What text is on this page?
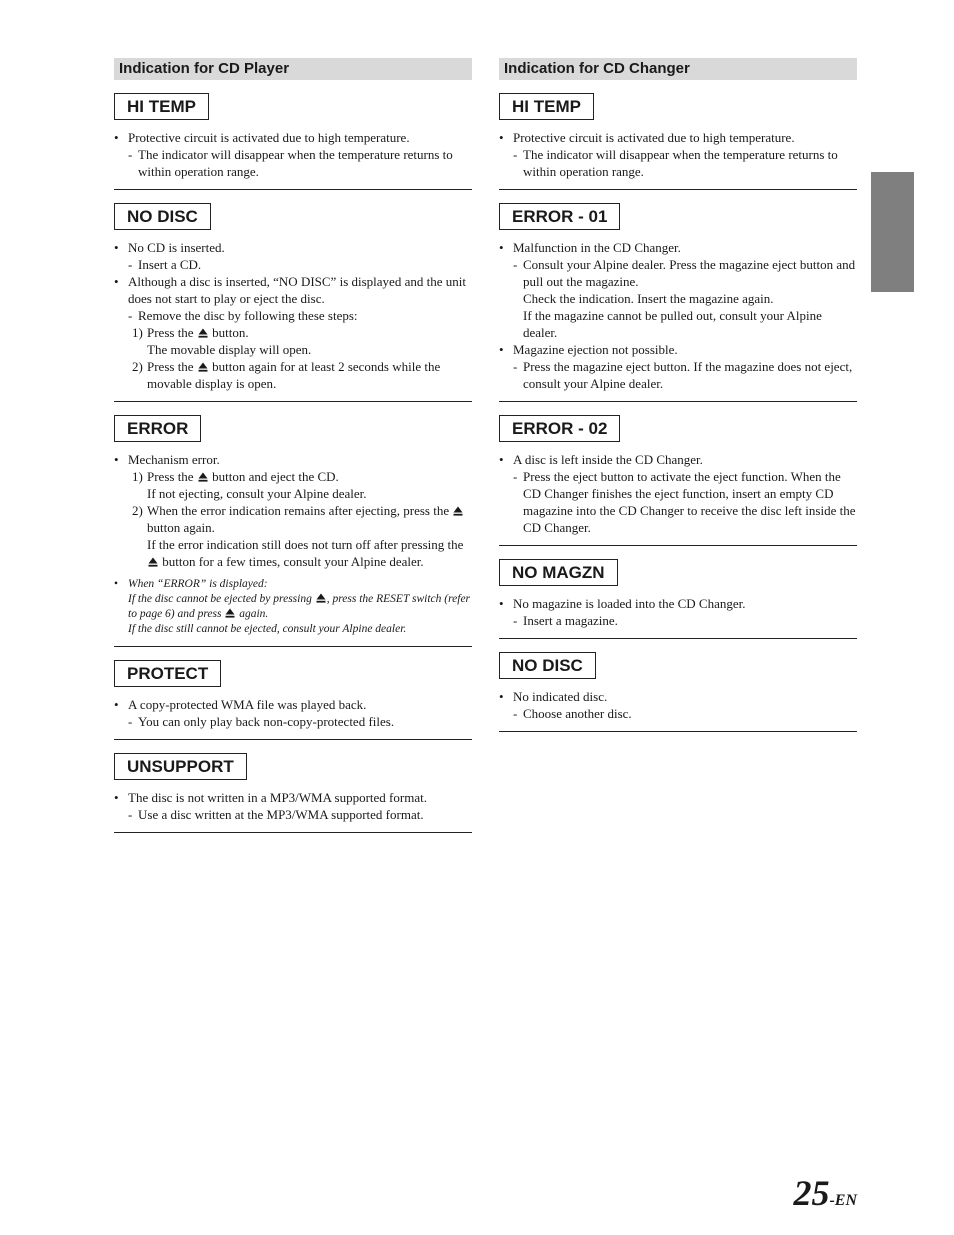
Indication for CD Player
HI TEMP
• Protective circuit is activated due to high temperature.
- The indicator will disappear when the temperature returns to within operation range.
NO DISC
• No CD is inserted.
- Insert a CD.
• Although a disc is inserted, “NO DISC” is displayed and the unit does not start to play or eject the disc.
- Remove the disc by following these steps:
1) Press the button.
The movable display will open.
2) Press the button again for at least 2 seconds while the movable display is open.
ERROR
• Mechanism error.
1) Press the button and eject the CD.
If not ejecting, consult your Alpine dealer.
2) When the error indication remains after ejecting, press the
button again.
If the error indication still does not turn off after pressing the
button for a few times, consult your Alpine dealer.
• When “ERROR” is displayed:
If the disc cannot be ejected by pressing , press the RESET switch (refer to page 6) and press again.
If the disc still cannot be ejected, consult your Alpine dealer.
PROTECT
• A copy-protected WMA file was played back.
- You can only play back non-copy-protected files.
UNSUPPORT
• The disc is not written in a MP3/WMA supported format.
- Use a disc written at the MP3/WMA supported format.
Indication for CD Changer
HI TEMP
• Protective circuit is activated due to high temperature.
- The indicator will disappear when the temperature returns to within operation range.
ERROR - 01
• Malfunction in the CD Changer.
- Consult your Alpine dealer. Press the magazine eject button and pull out the magazine.
Check the indication. Insert the magazine again.
If the magazine cannot be pulled out, consult your Alpine dealer.
• Magazine ejection not possible.
- Press the magazine eject button. If the magazine does not eject, consult your Alpine dealer.
ERROR - 02
• A disc is left inside the CD Changer.
- Press the eject button to activate the eject function. When the CD Changer finishes the eject function, insert an empty CD magazine into the CD Changer to receive the disc left inside the CD Changer.
NO MAGZN
• No magazine is loaded into the CD Changer.
- Insert a magazine.
NO DISC
• No indicated disc.
- Choose another disc.
25-EN
